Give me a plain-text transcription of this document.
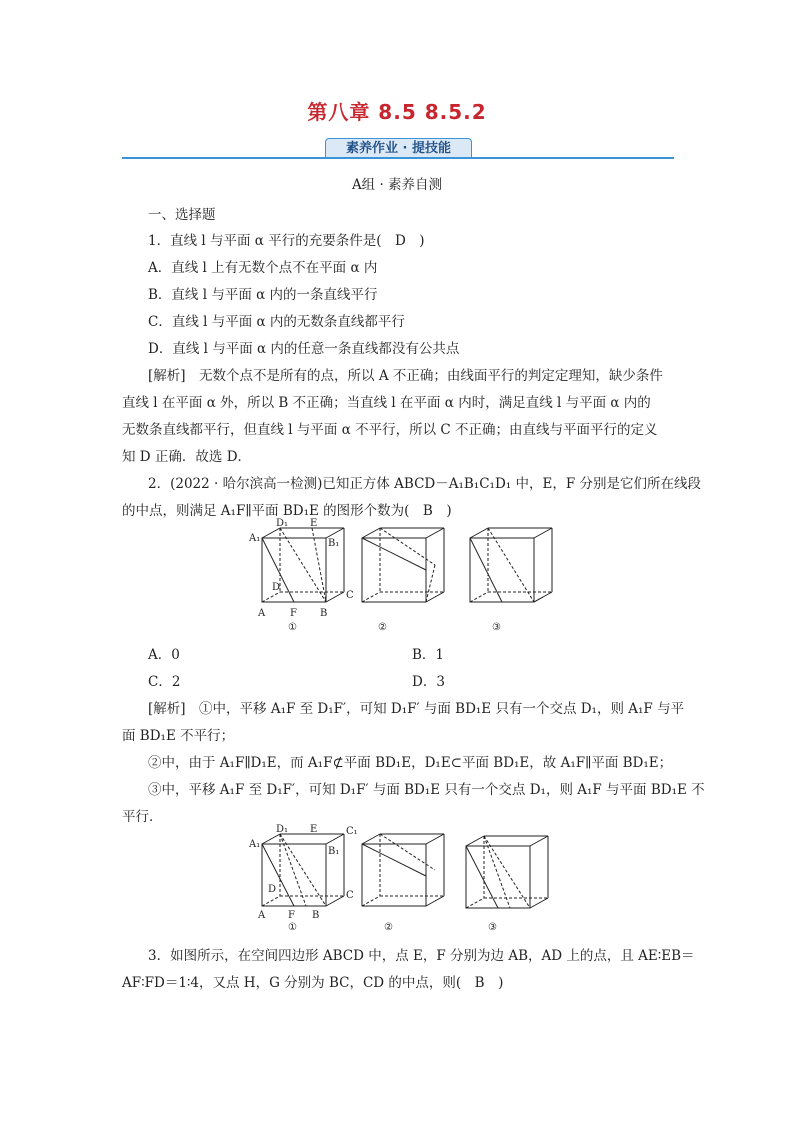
第八章 8.5 8.5.2
素养作业 · 提技能
A组 · 素养自测
一、选择题
1．直线 l 与平面 α 平行的充要条件是(　D　)
A．直线 l 上有无数个点不在平面 α 内
B．直线 l 与平面 α 内的一条直线平行
C．直线 l 与平面 α 内的无数条直线都平行
D．直线 l 与平面 α 内的任意一条直线都没有公共点
[解析]　无数个点不是所有的点，所以 A 不正确；由线面平行的判定定理知，缺少条件
直线 l 在平面 α 外，所以 B 不正确；当直线 l 在平面 α 内时，满足直线 l 与平面 α 内的
无数条直线都平行，但直线 l 与平面 α 不平行，所以 C 不正确；由直线与平面平行的定义
知 D 正确．故选 D．
2．(2022 · 哈尔滨高一检测)已知正方体 ABCD－A₁B₁C₁D₁ 中，E，F 分别是它们所在线段
的中点，则满足 A₁F∥平面 BD₁E 的图形个数为(　B　)
A₁
D₁ E
B₁
D
A F B
C
①	②	③
A．0	B．1
C．2	D．3
[解析]　①中，平移 A₁F 至 D₁F′，可知 D₁F′ 与面 BD₁E 只有一个交点 D₁，则 A₁F 与平
面 BD₁E 不平行；
②中，由于 A₁F∥D₁E，而 A₁F⊄平面 BD₁E，D₁E⊂平面 BD₁E，故 A₁F∥平面 BD₁E；
③中，平移 A₁F 至 D₁F′，可知 D₁F′ 与面 BD₁E 只有一个交点 D₁，则 A₁F 与平面 BD₁E 不
平行．
A₁
D₁ E	C₁
B₁
D
A F B
C
①	②	③
3．如图所示，在空间四边形 ABCD 中，点 E，F 分别为边 AB，AD 上的点，且 AE∶EB＝
AF∶FD＝1∶4，又点 H，G 分别为 BC，CD 的中点，则(　B　)
